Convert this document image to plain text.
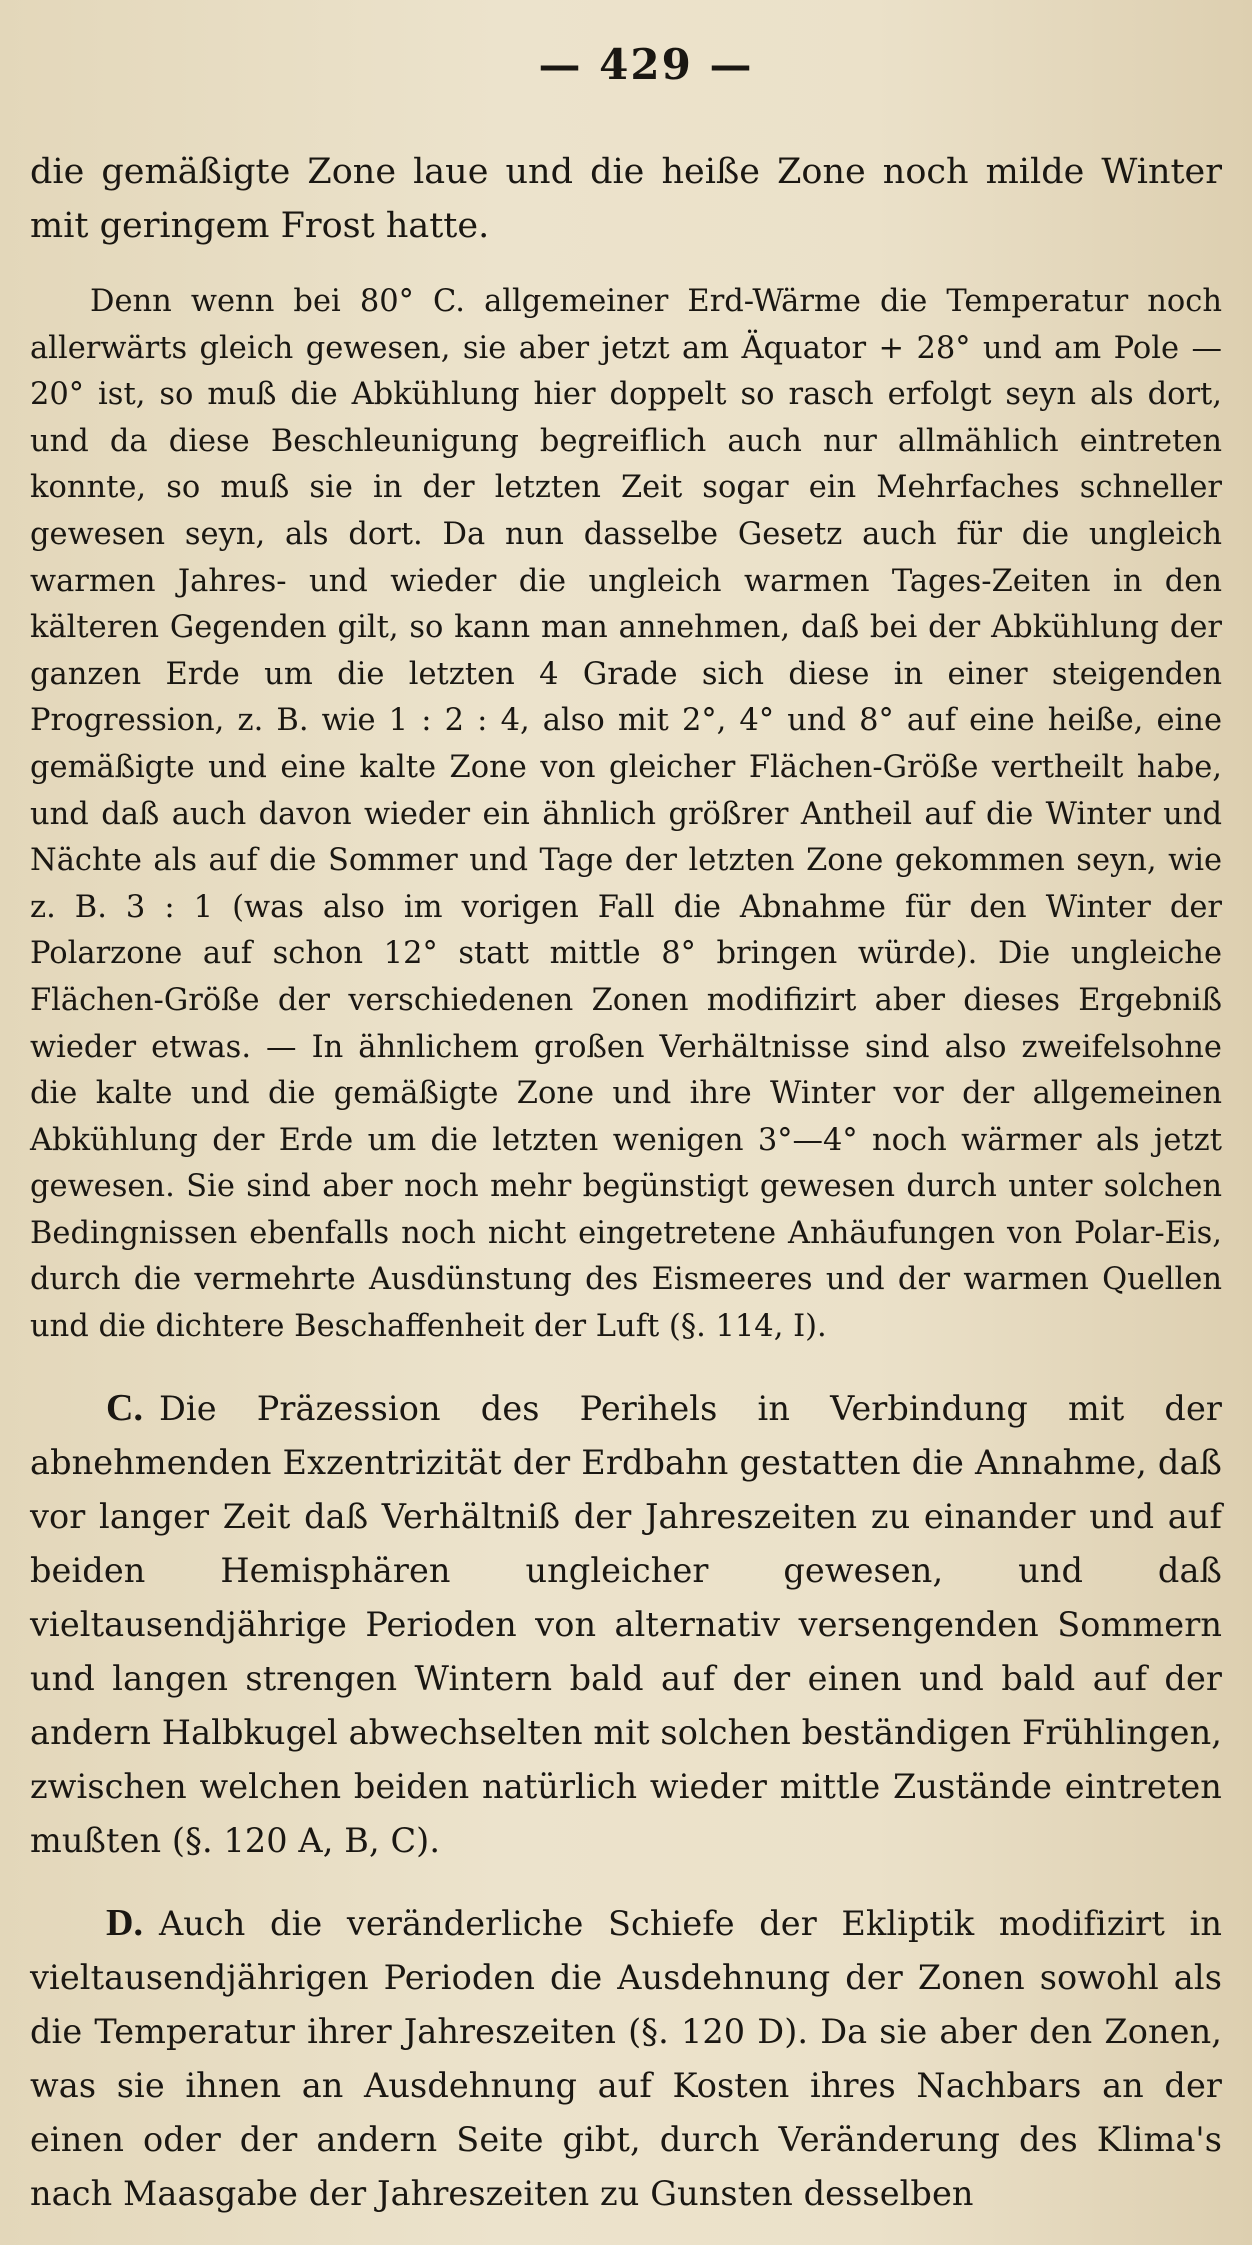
— 429 —

die gemäßigte Zone laue und die heiße Zone noch milde Winter mit geringem Frost hatte.

Denn wenn bei 80° C. allgemeiner Erd-Wärme die Temperatur noch allerwärts gleich gewesen, sie aber jetzt am Äquator + 28° und am Pole — 20° ist, so muß die Abkühlung hier doppelt so rasch erfolgt seyn als dort, und da diese Beschleunigung begreiflich auch nur allmählich eintreten konnte, so muß sie in der letzten Zeit sogar ein Mehrfaches schneller gewesen seyn, als dort. Da nun dasselbe Gesetz auch für die ungleich warmen Jahres- und wieder die ungleich warmen Tages-Zeiten in den kälteren Gegenden gilt, so kann man annehmen, daß bei der Abkühlung der ganzen Erde um die letzten 4 Grade sich diese in einer steigenden Progression, z. B. wie 1 : 2 : 4, also mit 2°, 4° und 8° auf eine heiße, eine gemäßigte und eine kalte Zone von gleicher Flächen-Größe vertheilt habe, und daß auch davon wieder ein ähnlich größrer Antheil auf die Winter und Nächte als auf die Sommer und Tage der letzten Zone gekommen seyn, wie z. B. 3 : 1 (was also im vorigen Fall die Abnahme für den Winter der Polarzone auf schon 12° statt mittle 8° bringen würde). Die ungleiche Flächen-Größe der verschiedenen Zonen modifizirt aber dieses Ergebniß wieder etwas. — In ähnlichem großen Verhältnisse sind also zweifelsohne die kalte und die gemäßigte Zone und ihre Winter vor der allgemeinen Abkühlung der Erde um die letzten wenigen 3°—4° noch wärmer als jetzt gewesen. Sie sind aber noch mehr begünstigt gewesen durch unter solchen Bedingnissen ebenfalls noch nicht eingetretene Anhäufungen von Polar-Eis, durch die vermehrte Ausdünstung des Eismeeres und der warmen Quellen und die dichtere Beschaffenheit der Luft (§. 114, I).

C. Die Präzession des Perihels in Verbindung mit der abnehmenden Exzentrizität der Erdbahn gestatten die Annahme, daß vor langer Zeit daß Verhältniß der Jahreszeiten zu einander und auf beiden Hemisphären ungleicher gewesen, und daß vieltausendjährige Perioden von alternativ versengenden Sommern und langen strengen Wintern bald auf der einen und bald auf der andern Halbkugel abwechselten mit solchen beständigen Frühlingen, zwischen welchen beiden natürlich wieder mittle Zustände eintreten mußten (§. 120 A, B, C).

D. Auch die veränderliche Schiefe der Ekliptik modifizirt in vieltausendjährigen Perioden die Ausdehnung der Zonen sowohl als die Temperatur ihrer Jahreszeiten (§. 120 D). Da sie aber den Zonen, was sie ihnen an Ausdehnung auf Kosten ihres Nachbars an der einen oder der andern Seite gibt, durch Veränderung des Klima's nach Maasgabe der Jahreszeiten zu Gunsten desselben
